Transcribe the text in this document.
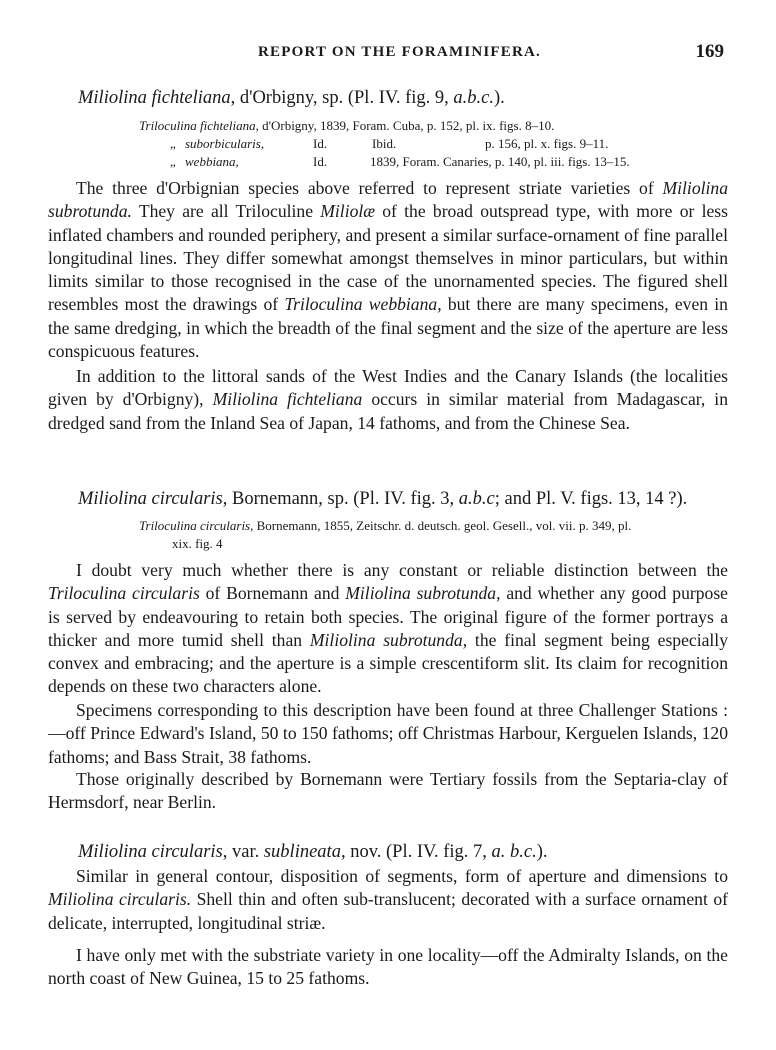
REPORT ON THE FORAMINIFERA.	169
Miliolina fichteliana, d'Orbigny, sp. (Pl. IV. fig. 9, a.b.c.).
Triloculina fichteliana, d'Orbigny, 1839, Foram. Cuba, p. 152, pl. ix. figs. 8–10.
„ suborbicularis,	Id.	Ibid.	p. 156, pl. x. figs. 9–11.
„ webbiana,	Id.	1839, Foram. Canaries, p. 140, pl. iii. figs. 13–15.
The three d'Orbignian species above referred to represent striate varieties of Miliolina subrotunda. They are all Triloculine Miliolæ of the broad outspread type, with more or less inflated chambers and rounded periphery, and present a similar surface-ornament of fine parallel longitudinal lines. They differ somewhat amongst themselves in minor particulars, but within limits similar to those recognised in the case of the unornamented species. The figured shell resembles most the drawings of Triloculina webbiana, but there are many specimens, even in the same dredging, in which the breadth of the final segment and the size of the aperture are less conspicuous features.
In addition to the littoral sands of the West Indies and the Canary Islands (the localities given by d'Orbigny), Miliolina fichteliana occurs in similar material from Madagascar, in dredged sand from the Inland Sea of Japan, 14 fathoms, and from the Chinese Sea.
Miliolina circularis, Bornemann, sp. (Pl. IV. fig. 3, a.b.c; and Pl. V. figs. 13, 14 ?).
Triloculina circularis, Bornemann, 1855, Zeitschr. d. deutsch. geol. Gesell., vol. vii. p. 349, pl.
xix. fig. 4
I doubt very much whether there is any constant or reliable distinction between the Triloculina circularis of Bornemann and Miliolina subrotunda, and whether any good purpose is served by endeavouring to retain both species. The original figure of the former portrays a thicker and more tumid shell than Miliolina subrotunda, the final segment being especially convex and embracing; and the aperture is a simple crescentiform slit. Its claim for recognition depends on these two characters alone.
Specimens corresponding to this description have been found at three Challenger Stations :—off Prince Edward's Island, 50 to 150 fathoms; off Christmas Harbour, Kerguelen Islands, 120 fathoms; and Bass Strait, 38 fathoms.
Those originally described by Bornemann were Tertiary fossils from the Septaria-clay of Hermsdorf, near Berlin.
Miliolina circularis, var. sublineata, nov. (Pl. IV. fig. 7, a. b.c.).
Similar in general contour, disposition of segments, form of aperture and dimensions to Miliolina circularis. Shell thin and often sub-translucent; decorated with a surface ornament of delicate, interrupted, longitudinal striæ.
I have only met with the substriate variety in one locality—off the Admiralty Islands, on the north coast of New Guinea, 15 to 25 fathoms.
